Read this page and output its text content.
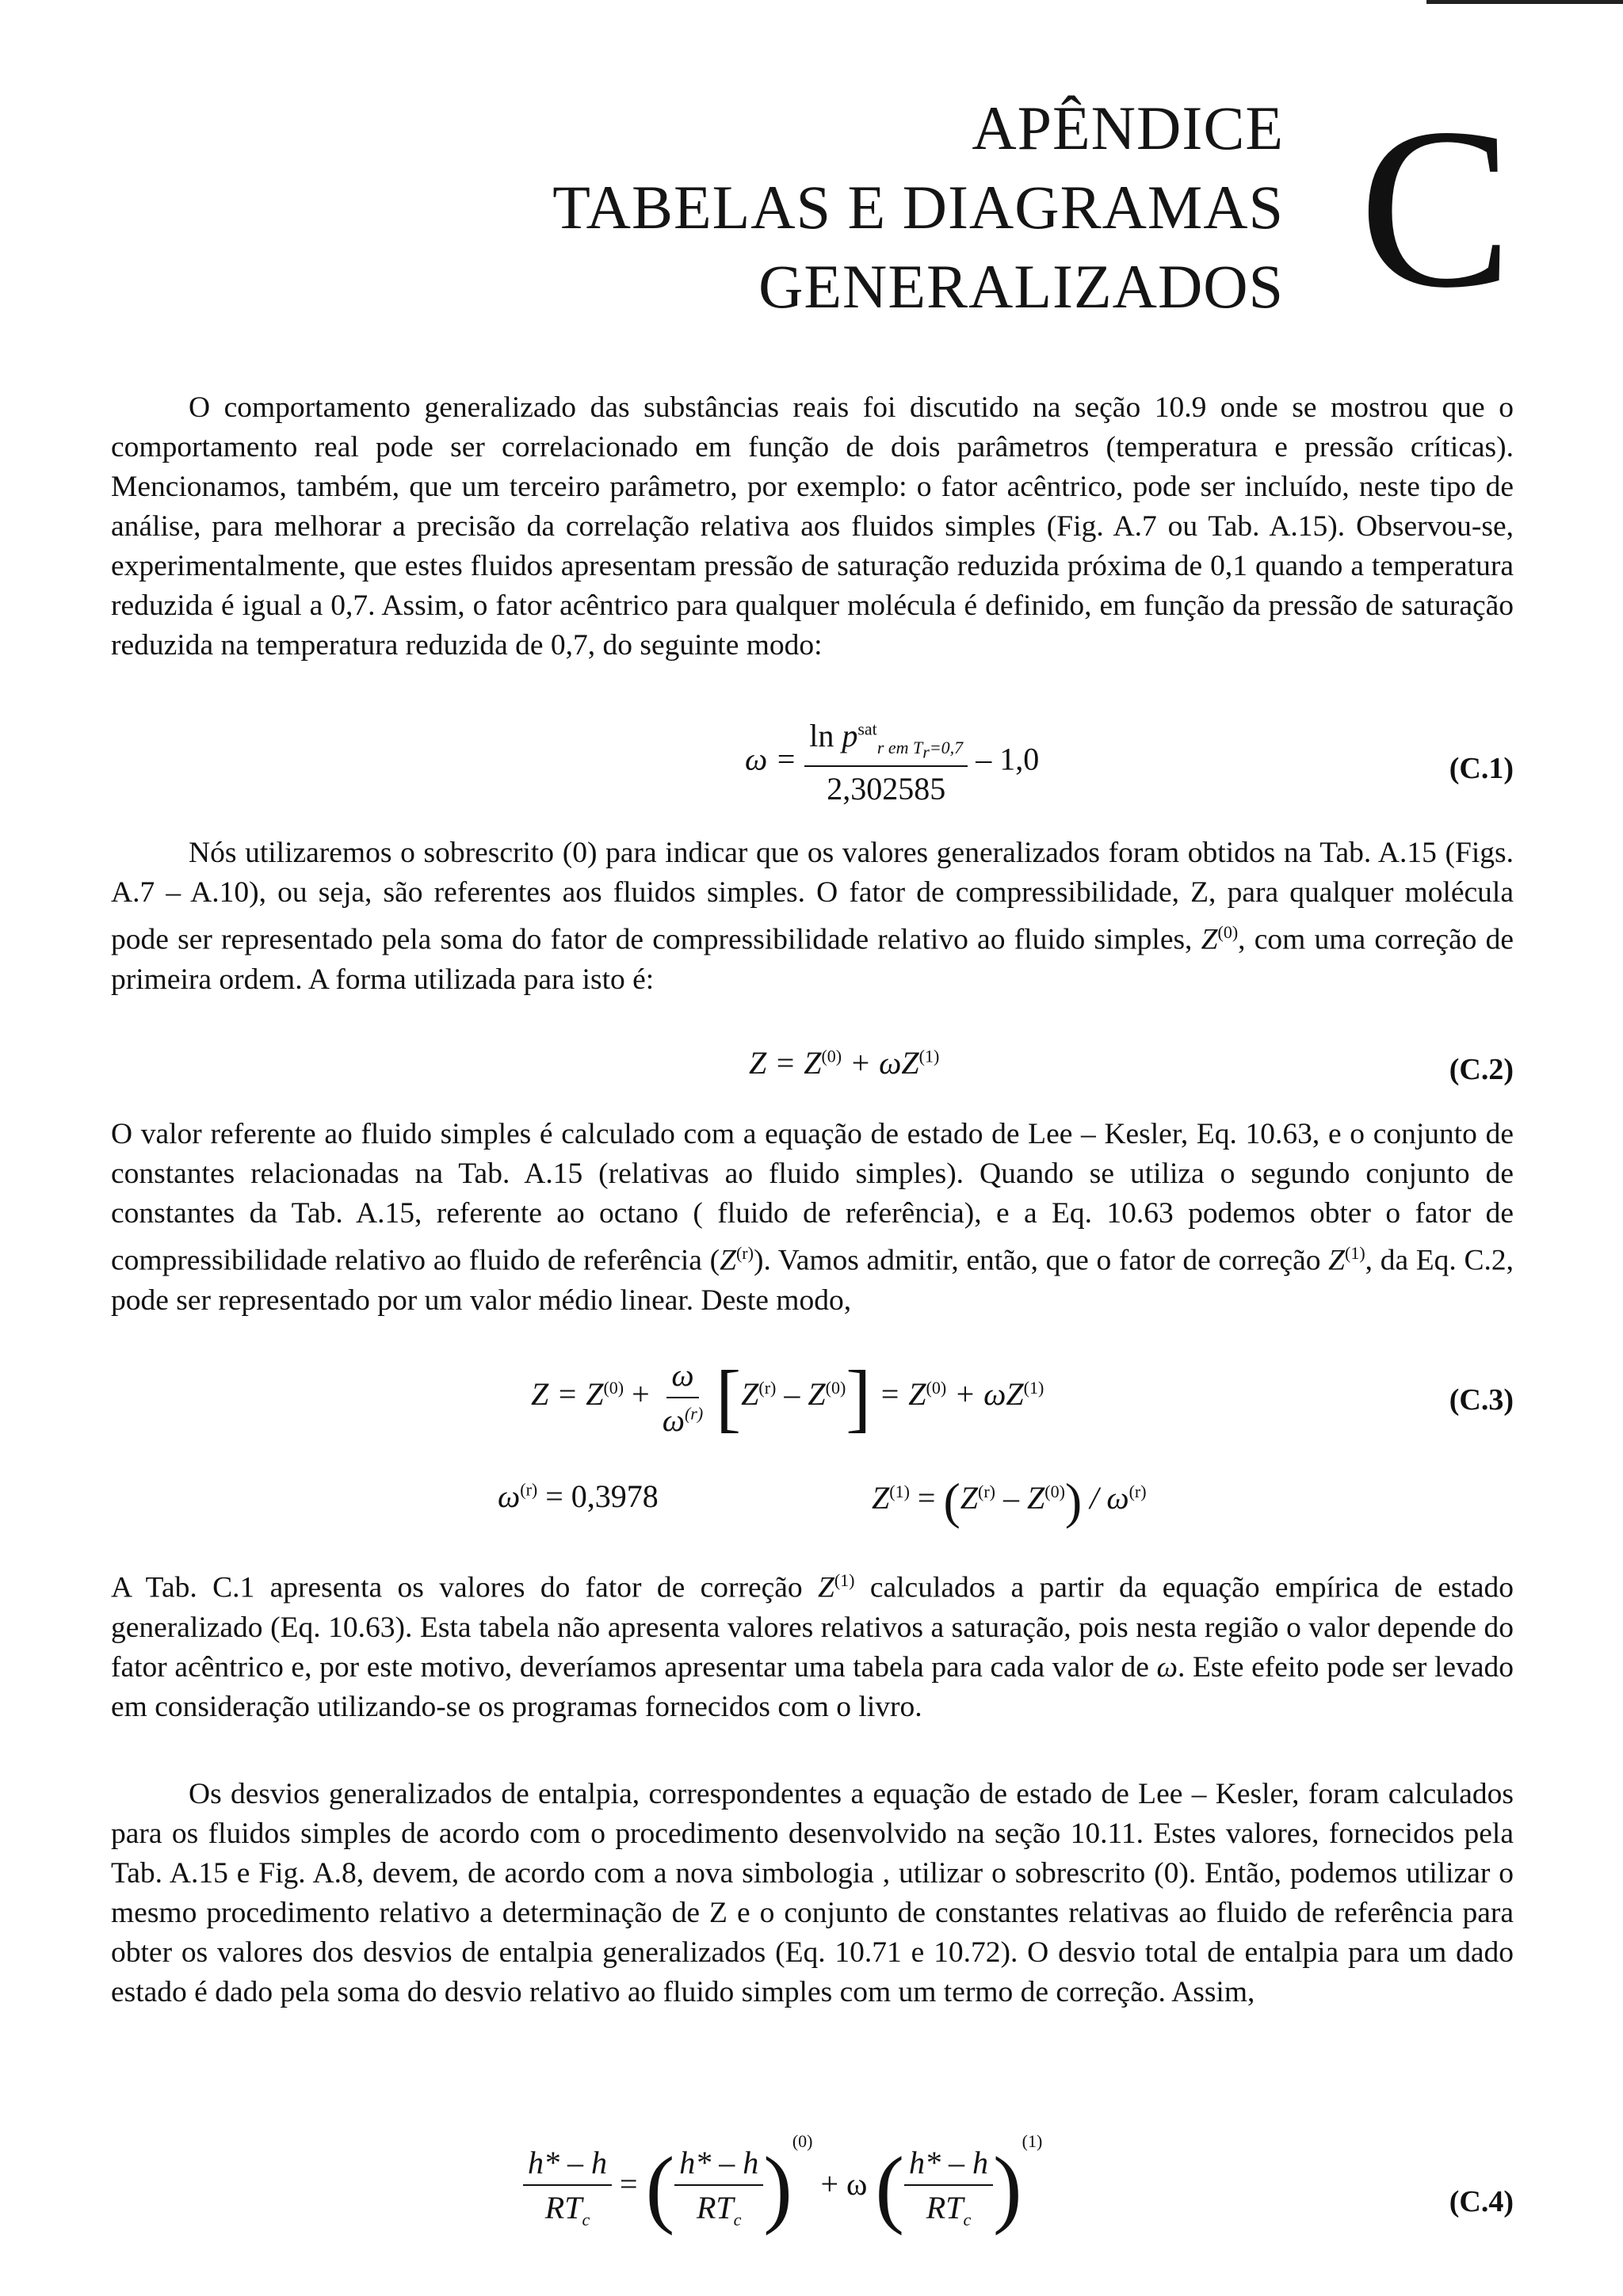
APÊNDICE
TABELAS E DIAGRAMAS
GENERALIZADOS C

O comportamento generalizado das substâncias reais foi discutido na seção 10.9 onde se mostrou que o comportamento real pode ser correlacionado em função de dois parâmetros (temperatura e pressão críticas). Mencionamos, também, que um terceiro parâmetro, por exemplo: o fator acêntrico, pode ser incluído, neste tipo de análise, para melhorar a precisão da correlação relativa aos fluidos simples (Fig. A.7 ou Tab. A.15). Observou-se, experimentalmente, que estes fluidos apresentam pressão de saturação reduzida próxima de 0,1 quando a temperatura reduzida é igual a 0,7. Assim, o fator acêntrico para qualquer molécula é definido, em função da pressão de saturação reduzida na temperatura reduzida de 0,7, do seguinte modo:

$\omega = \frac{\ln p^{sat}_{r em T_r=0,7}}{2,302585} - 1,0$	(C.1)

Nós utilizaremos o sobrescrito (0) para indicar que os valores generalizados foram obtidos na Tab. A.15 (Figs. A.7 – A.10), ou seja, são referentes aos fluidos simples. O fator de compressibilidade, Z, para qualquer molécula pode ser representado pela soma do fator de compressibilidade relativo ao fluido simples, $Z^{(0)}$, com uma correção de primeira ordem. A forma utilizada para isto é:

$Z = Z^{(0)} + \omega Z^{(1)}$	(C.2)

O valor referente ao fluido simples é calculado com a equação de estado de Lee – Kesler, Eq. 10.63, e o conjunto de constantes relacionadas na Tab. A.15 (relativas ao fluido simples). Quando se utiliza o segundo conjunto de constantes da Tab. A.15, referente ao octano ( fluido de referência), e a Eq. 10.63 podemos obter o fator de compressibilidade relativo ao fluido de referência $(Z^{(r)})$. Vamos admitir, então, que o fator de correção $Z^{(1)}$, da Eq. C.2, pode ser representado por um valor médio linear. Deste modo,

$Z = Z^{(0)} + \frac{\omega}{\omega^{(r)}} [Z^{(r)} - Z^{(0)}] = Z^{(0)} + \omega Z^{(1)}$	(C.3)
$\omega^{(r)} = 0,3978$	$Z^{(1)} = (Z^{(r)} - Z^{(0)}) / \omega^{(r)}$

A Tab. C.1 apresenta os valores do fator de correção $Z^{(1)}$ calculados a partir da equação empírica de estado generalizado (Eq. 10.63). Esta tabela não apresenta valores relativos a saturação, pois nesta região o valor depende do fator acêntrico e, por este motivo, deveríamos apresentar uma tabela para cada valor de ω. Este efeito pode ser levado em consideração utilizando-se os programas fornecidos com o livro.

Os desvios generalizados de entalpia, correspondentes a equação de estado de Lee – Kesler, foram calculados para os fluidos simples de acordo com o procedimento desenvolvido na seção 10.11. Estes valores, fornecidos pela Tab. A.15 e Fig. A.8, devem, de acordo com a nova simbologia , utilizar o sobrescrito (0). Então, podemos utilizar o mesmo procedimento relativo a determinação de Z e o conjunto de constantes relativas ao fluido de referência para obter os valores dos desvios de entalpia generalizados (Eq. 10.71 e 10.72). O desvio total de entalpia para um dado estado é dado pela soma do desvio relativo ao fluido simples com um termo de correção. Assim,

$\frac{h* - h}{RT_c}$ = ( $\frac{h* - h}{RT_c} )^{(0)} + \omega$ ( $\frac{h* - h}{RT_c} )^{(1)}$
(C.4)
